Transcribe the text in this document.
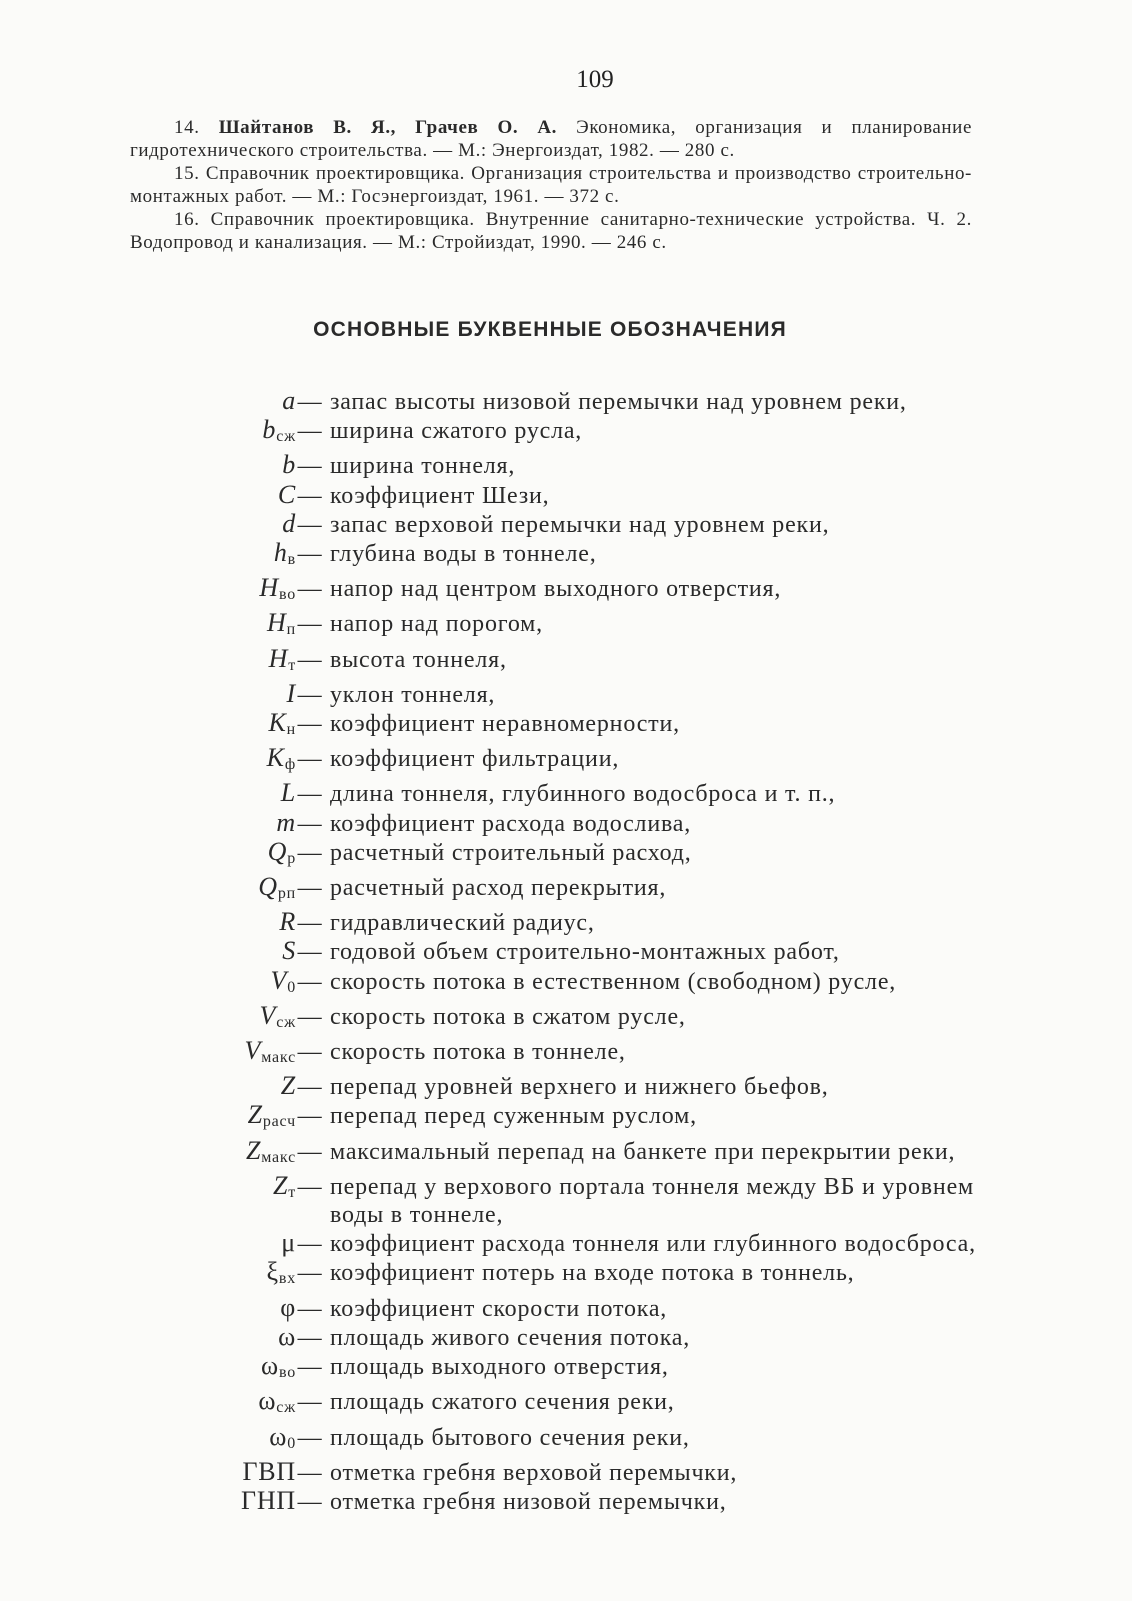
109

14. Шайтанов В. Я., Грачев О. А. Экономика, организация и планирование гидротехнического строительства. — М.: Энергоиздат, 1982. — 280 с.

15. Справочник проектировщика. Организация строительства и производство строительно-монтажных работ. — М.: Госэнергоиздат, 1961. — 372 с.

16. Справочник проектировщика. Внутренние санитарно-технические устройства. Ч. 2. Водопровод и канализация. — М.: Стройиздат, 1990. — 246 с.

ОСНОВНЫЕ БУКВЕННЫЕ ОБОЗНАЧЕНИЯ
a — запас высоты низовой перемычки над уровнем реки,
$b_{сж}$ — ширина сжатого русла,
b — ширина тоннеля,
C — коэффициент Шези,
d — запас верховой перемычки над уровнем реки,
$h_в$ — глубина воды в тоннеле,
$H_{во}$ — напор над центром выходного отверстия,
$H_п$ — напор над порогом,
$H_т$ — высота тоннеля,
I — уклон тоннеля,
$K_н$ — коэффициент неравномерности,
$K_ф$ — коэффициент фильтрации,
L — длина тоннеля, глубинного водосброса и т. п.,
m — коэффициент расхода водослива,
$Q_р$ — расчетный строительный расход,
$Q_{рп}$ — расчетный расход перекрытия,
R — гидравлический радиус,
S — годовой объем строительно-монтажных работ,
$V_0$ — скорость потока в естественном (свободном) русле,
$V_{сж}$ — скорость потока в сжатом русле,
$V_{макс}$ — скорость потока в тоннеле,
Z — перепад уровней верхнего и нижнего бьефов,
$Z_{расч}$ — перепад перед суженным руслом,
$Z_{макс}$ — максимальный перепад на банкете при перекрытии реки,
$Z_т$ — перепад у верхового портала тоннеля между ВБ и уровнем воды в тоннеле,
μ — коэффициент расхода тоннеля или глубинного водосброса,
$\xi_{вх}$ — коэффициент потерь на входе потока в тоннель,
φ — коэффициент скорости потока,
ω — площадь живого сечения потока,
$\omega_{во}$ — площадь выходного отверстия,
$\omega_{сж}$ — площадь сжатого сечения реки,
$\omega_0$ — площадь бытового сечения реки,
ГВП — отметка гребня верховой перемычки,
ГНП — отметка гребня низовой перемычки,
